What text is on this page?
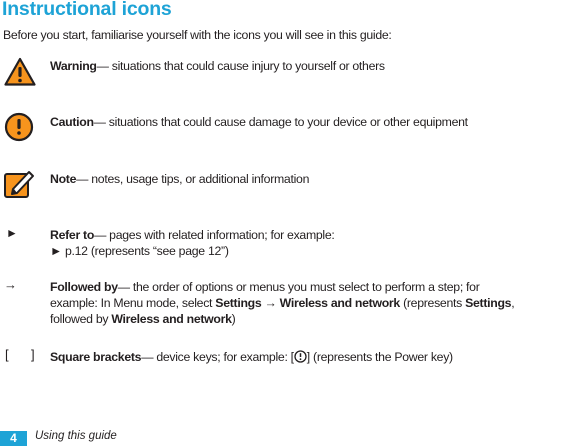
Instructional icons
Before you start, familiarise yourself with the icons you will see in this guide:
Warning— situations that could cause injury to yourself or others
Caution— situations that could cause damage to your device or other equipment
Note— notes, usage tips, or additional information
►	Refer to— pages with related information; for example:
► p.12 (represents “see page 12”)
→	Followed by— the order of options or menus you must select to perform a step; for
example: In Menu mode, select Settings → Wireless and network (represents Settings,
followed by Wireless and network)
[ ] Square brackets— device keys; for example: [ ] (represents the Power key)
4	Using this guide
